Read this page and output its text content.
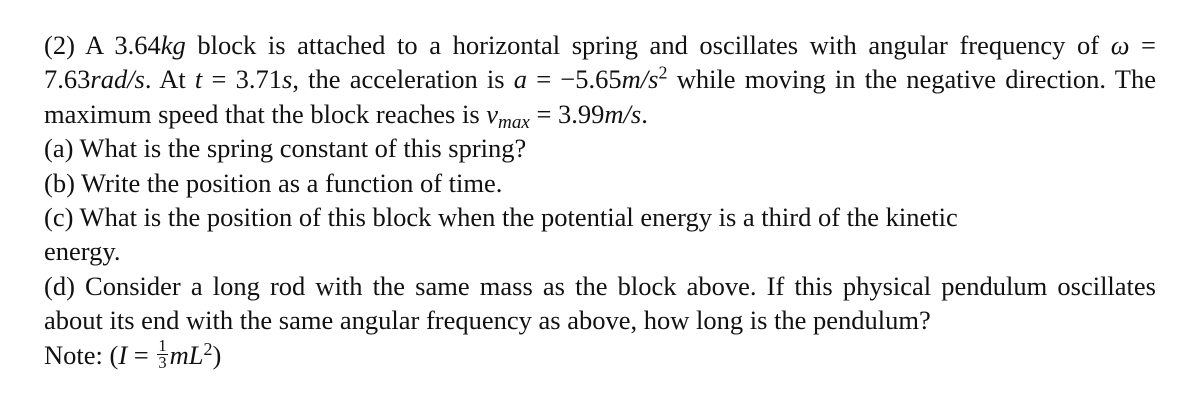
(2) A 3.64kg block is attached to a horizontal spring and oscillates with angular frequency of ω = 7.63rad/s. At t = 3.71s, the acceleration is $a = -5.65m/s^2$ while moving in the negative direction. The maximum speed that the block reaches is $v_{max} = 3.99m/s$.
(a) What is the spring constant of this spring?
(b) Write the position as a function of time.
(c) What is the position of this block when the potential energy is a third of the kinetic
energy.
(d) Consider a long rod with the same mass as the block above. If this physical pendulum oscillates about its end with the same angular frequency as above, how long is the pendulum?
Note: $(I = \frac{1}{3} mL^2)$
